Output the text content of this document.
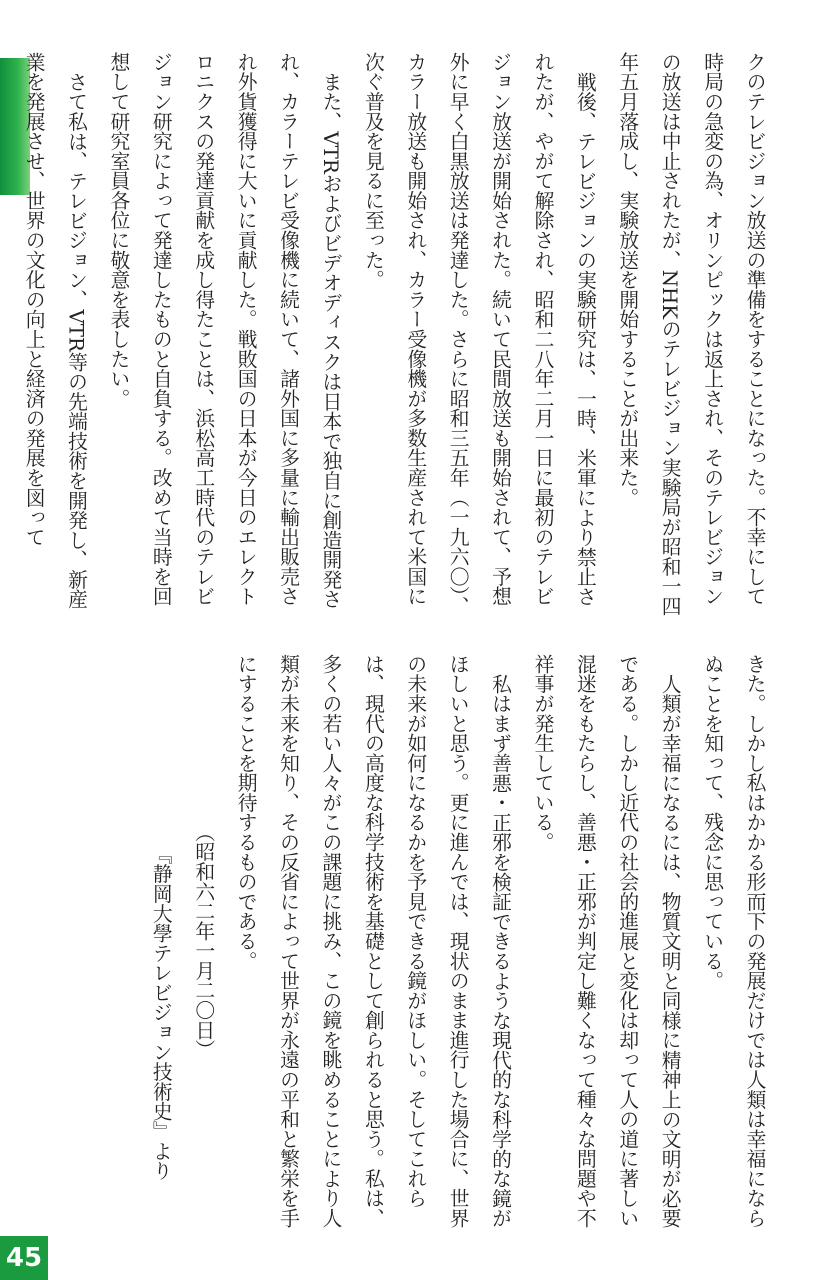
クのテレビジョン放送の準備をすることになった。不幸にして時局の急変の為、オリンピックは返上され、そのテレビジョンの放送は中止されたが、NHKのテレビジョン実験局が昭和一四年五月落成し、実験放送を開始することが出来た。

戦後、テレビジョンの実験研究は、一時、米軍により禁止されたが、やがて解除され、昭和二八年二月一日に最初のテレビジョン放送が開始された。続いて民間放送も開始されて、予想外に早く白黒放送は発達した。さらに昭和三五年（一九六〇）、カラー放送も開始され、カラー受像機が多数生産されて米国に次ぐ普及を見るに至った。

また、VTRおよびビデオディスクは日本で独自に創造開発され、カラーテレビ受像機に続いて、諸外国に多量に輸出販売され外貨獲得に大いに貢献した。戦敗国の日本が今日のエレクトロニクスの発達貢献を成し得たことは、浜松高工時代のテレビジョン研究によって発達したものと自負する。改めて当時を回想して研究室員各位に敬意を表したい。

さて私は、テレビジョン、VTR等の先端技術を開発し、新産業を発展させ、世界の文化の向上と経済の発展を図って

きた。しかし私はかかる形而下の発展だけでは人類は幸福にならぬことを知って、残念に思っている。

人類が幸福になるには、物質文明と同様に精神上の文明が必要である。しかし近代の社会的進展と変化は却って人の道に著しい混迷をもたらし、善悪・正邪が判定し難くなって種々な問題や不祥事が発生している。

私はまず善悪・正邪を検証できるような現代的な科学的な鏡がほしいと思う。更に進んでは、現状のまま進行した場合に、世界の未来が如何になるかを予見できる鏡がほしい。そしてこれらは、現代の高度な科学技術を基礎として創られると思う。私は、多くの若い人々がこの課題に挑み、この鏡を眺めることにより人類が未来を知り、その反省によって世界が永遠の平和と繁栄を手にすることを期待するものである。

（昭和六二年一月二〇日）

『静岡大學テレビジョン技術史』より

45
